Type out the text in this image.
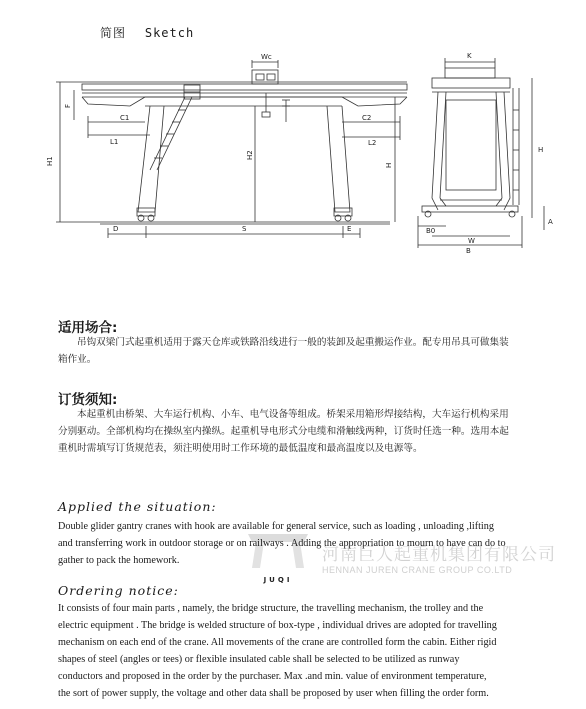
简图 Sketch
Wc
C1
L1
C2
L2
H1
H2
H
F
D	S	E
K
B0
W
B
A
H
适用场合:
吊钩双梁门式起重机适用于露天仓库或铁路沿线进行一般的装卸及起重搬运作业。配专用吊具可做集装
箱作业。
订货须知:
本起重机由桥架、大车运行机构、小车、电气设备等组成。桥架采用箱形焊接结构，大车运行机构采用
分别驱动。全部机构均在操纵室内操纵。起重机导电形式分电缆和滑触线两种，订货时任选一种。选用本起
重机时需填写订货规范表，须注明使用时工作环境的最低温度和最高温度以及电源等。
JUQI
河南巨人起重机集团有限公司
HENNAN JUREN CRANE GROUP CO.LTD
Applied the situation:
Double glider gantry cranes with hook are available for general service, such as loading , unloading ,lifting
and transferring work in outdoor storage or on railways . Adding the appropriation to mourn to have can do to
gather to pack the homework.
Ordering notice:
It consists of four main parts , namely, the bridge structure, the travelling mechanism, the trolley and the
electric equipment . The bridge is welded structure of box-type , individual drives are adopted for travelling
mechanism on each end of the crane. All movements of the crane are controlled form the cabin. Either rigid
shapes of steel (angles or tees) or flexible insulated cable shall be selected to be utilized as runway
conductors and proposed in the order by the purchaser. Max .and min. value of environment temperature,
the sort of power supply, the voltage and other data shall be proposed by user when filling the order form.
